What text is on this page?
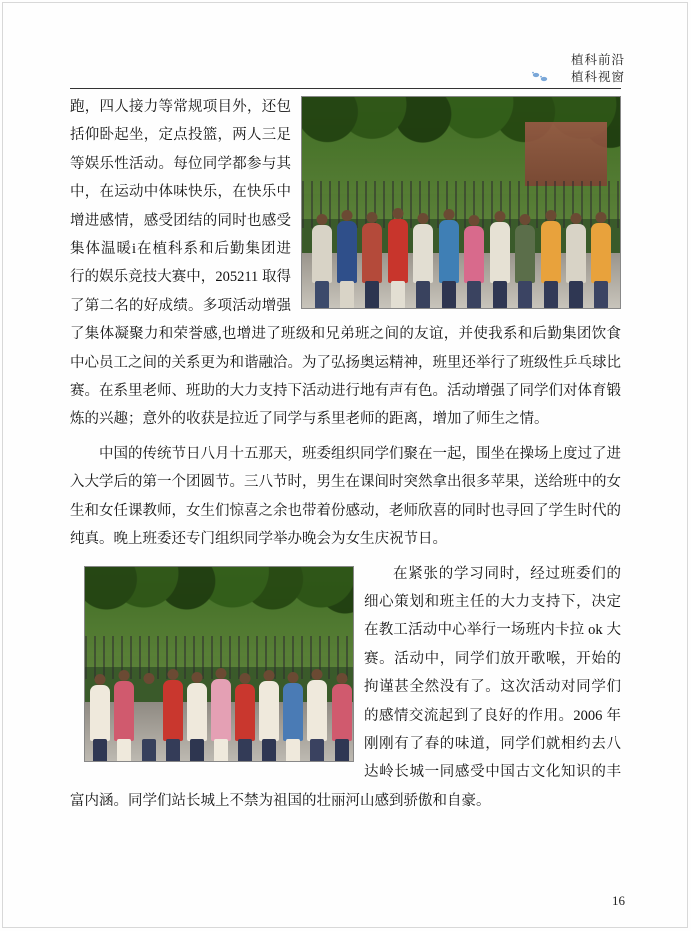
植科前沿
植科视窗

跑，四人接力等常规项目外，还包括仰卧起坐，定点投篮，两人三足等娱乐性活动。每位同学都参与其中，在运动中体味快乐，在快乐中增进感情，感受团结的同时也感受集体温暖i在植科系和后勤集团进行的娱乐竞技大赛中，205211 取得了第二名的好成绩。多项活动增强了集体凝聚力和荣誉感,也增进了班级和兄弟班之间的友谊，并使我系和后勤集团饮食中心员工之间的关系更为和谐融洽。为了弘扬奥运精神，班里还举行了班级性乒乓球比赛。在系里老师、班助的大力支持下活动进行地有声有色。活动增强了同学们对体育锻炼的兴趣；意外的收获是拉近了同学与系里老师的距离，增加了师生之情。

中国的传统节日八月十五那天，班委组织同学们聚在一起，围坐在操场上度过了进入大学后的第一个团圆节。三八节时，男生在课间时突然拿出很多苹果，送给班中的女生和女任课教师，女生们惊喜之余也带着份感动，老师欣喜的同时也寻回了学生时代的纯真。晚上班委还专门组织同学举办晚会为女生庆祝节日。

在紧张的学习同时，经过班委们的细心策划和班主任的大力支持下，决定在教工活动中心举行一场班内卡拉 ok 大赛。活动中，同学们放开歌喉，开始的拘谨甚全然没有了。这次活动对同学们的感情交流起到了良好的作用。2006 年刚刚有了春的味道，同学们就相约去八达岭长城一同感受中国古文化知识的丰富内涵。同学们站长城上不禁为祖国的壮丽河山感到骄傲和自豪。

16
